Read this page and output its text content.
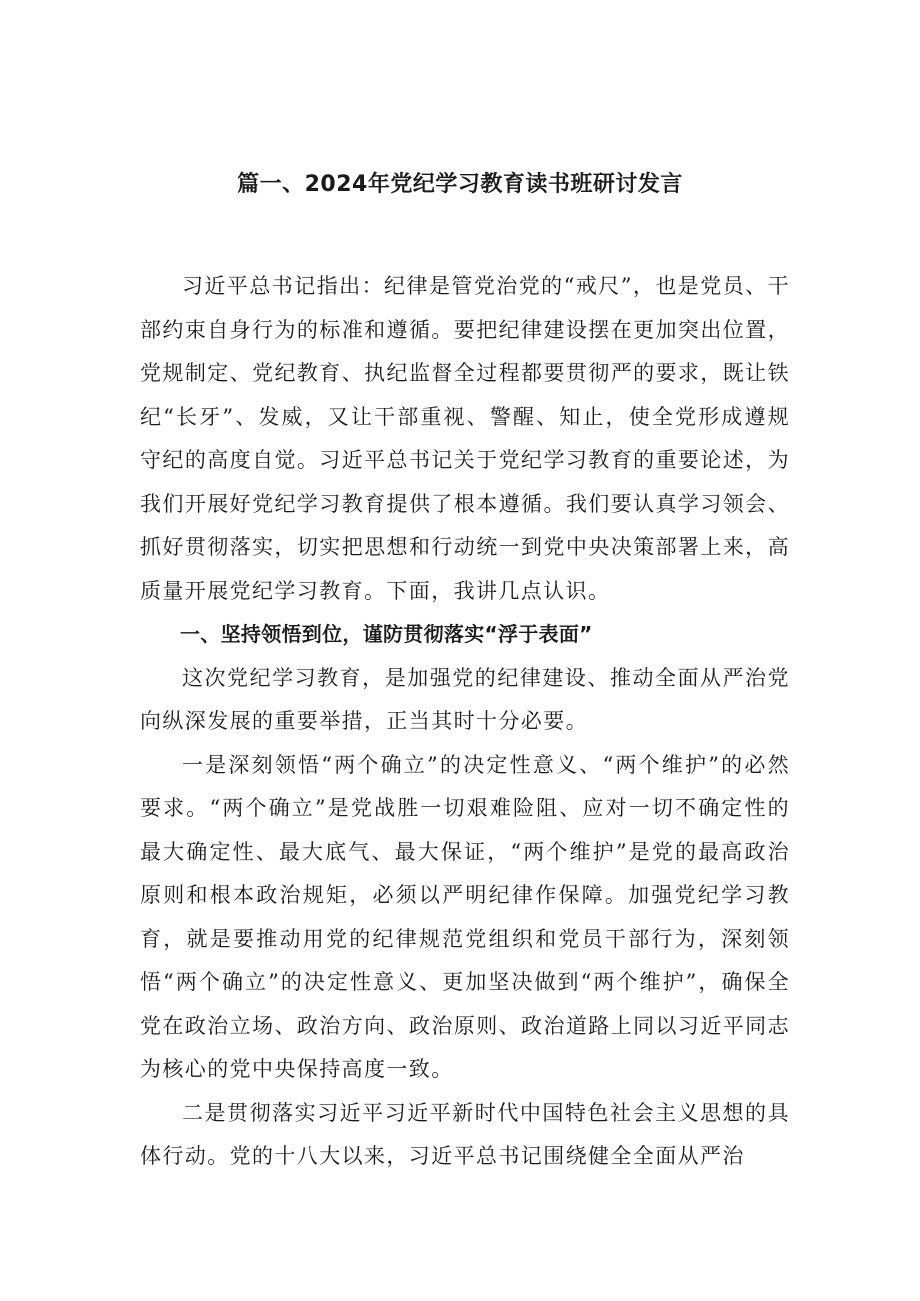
篇一、2024年党纪学习教育读书班研讨发言

习近平总书记指出：纪律是管党治党的“戒尺”，也是党员、干部约束自身行为的标准和遵循。要把纪律建设摆在更加突出位置，党规制定、党纪教育、执纪监督全过程都要贯彻严的要求，既让铁纪“长牙”、发威，又让干部重视、警醒、知止，使全党形成遵规守纪的高度自觉。习近平总书记关于党纪学习教育的重要论述，为我们开展好党纪学习教育提供了根本遵循。我们要认真学习领会、抓好贯彻落实，切实把思想和行动统一到党中央决策部署上来，高质量开展党纪学习教育。下面，我讲几点认识。

一、坚持领悟到位，谨防贯彻落实“浮于表面”

这次党纪学习教育，是加强党的纪律建设、推动全面从严治党向纵深发展的重要举措，正当其时十分必要。

一是深刻领悟“两个确立”的决定性意义、“两个维护”的必然要求。“两个确立”是党战胜一切艰难险阻、应对一切不确定性的最大确定性、最大底气、最大保证，“两个维护”是党的最高政治原则和根本政治规矩，必须以严明纪律作保障。加强党纪学习教育，就是要推动用党的纪律规范党组织和党员干部行为，深刻领悟“两个确立”的决定性意义、更加坚决做到“两个维护”，确保全党在政治立场、政治方向、政治原则、政治道路上同以习近平同志为核心的党中央保持高度一致。

二是贯彻落实习近平习近平新时代中国特色社会主义思想的具体行动。党的十八大以来，习近平总书记围绕健全全面从严治
